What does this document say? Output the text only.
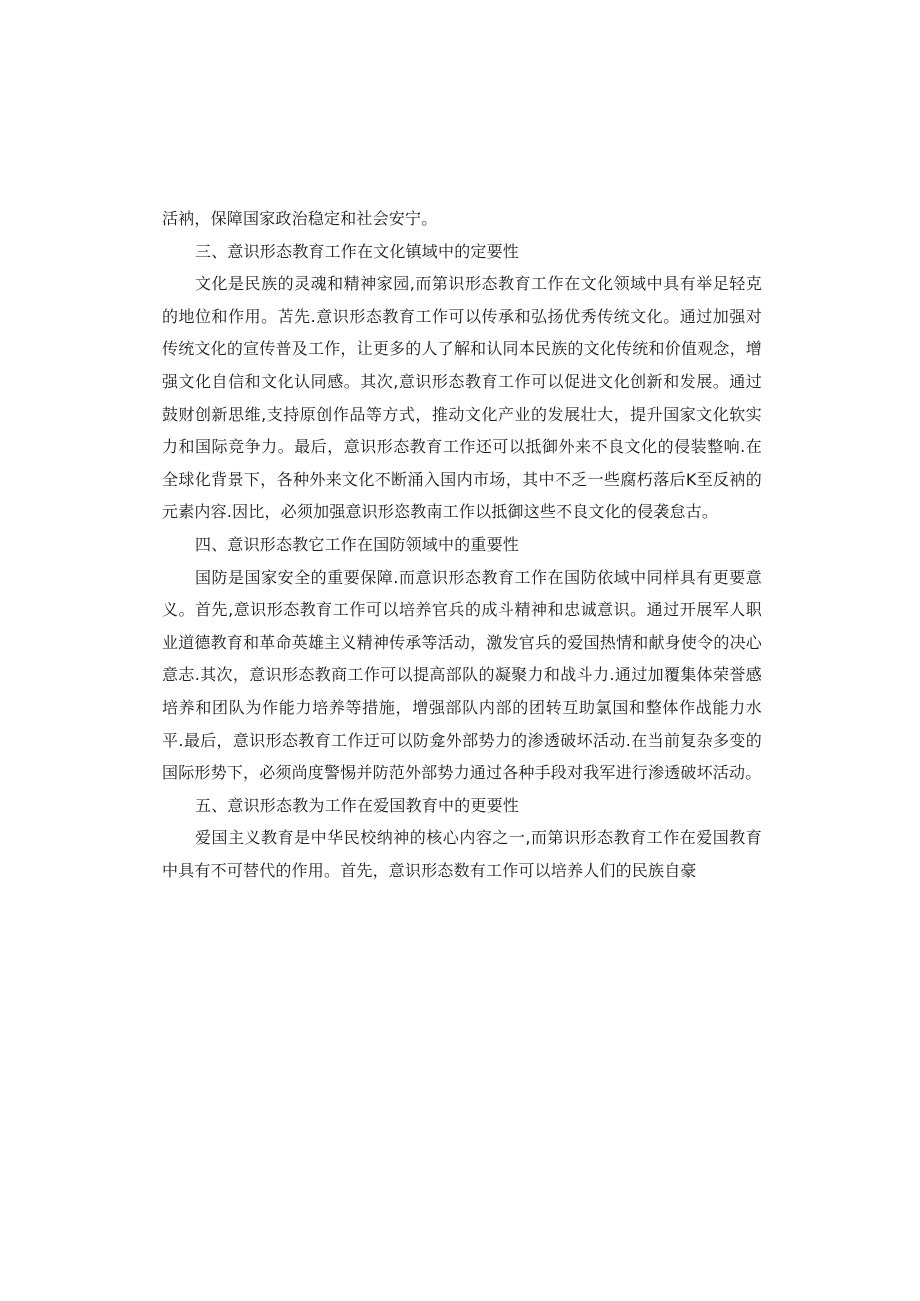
活衲，保障国家政治稳定和社会安宁。

三、意识形态教育工作在文化镇域中的定要性

文化是民族的灵魂和精神家园,而第识形态教育工作在文化领域中具有举足轻克的地位和作用。苫先.意识形态教育工作可以传承和弘扬优秀传统文化。通过加强对传统文化的宣传普及工作，让更多的人了解和认同本民族的文化传统和价值观念，增强文化自信和文化认同感。其次,意识形态教育工作可以促进文化创新和发展。通过鼓财创新思维,支持原创作品等方式，推动文化产业的发展壮大，提升国家文化软实力和国际竞争力。最后，意识形态教育工作还可以抵御外来不良文化的侵装整响.在全球化背景下，各种外来文化不断涌入国内市场，其中不乏一些腐朽落后K至反衲的元素内容.因比，必须加强意识形恣教南工作以抵御这些不良文化的侵袭怠古。

四、意识形态教它工作在国防领域中的重要性

国防是国家安全的重要保障.而意识形态教育工作在国防依域中同样具有更要意义。首先,意识形态教育工作可以培养官兵的成斗精神和忠诚意识。通过开展军人职业道德教育和革命英雄主义精神传承等活动，激发官兵的爱国热情和献身使令的决心意志.其次，意识形态教商工作可以提高部队的凝聚力和战斗力.通过加覆集体荣誉感培养和团队为作能力培养等措施，增强部队内部的团转互助氯国和整体作战能力水平.最后，意识形态教育工作迂可以防龛外部势力的渗透破坏活动.在当前复杂多变的国际形势下，必须尚度警惕并防范外部势力通过各种手段对我军进行渗透破坏活动。

五、意识形态教为工作在爱国教育中的更要性

爱国主义教育是中华民校纳神的核心内容之一,而第识形态教育工作在爱国教育中具有不可替代的作用。首先，意识形态数有工作可以培养人们的民族自豪
